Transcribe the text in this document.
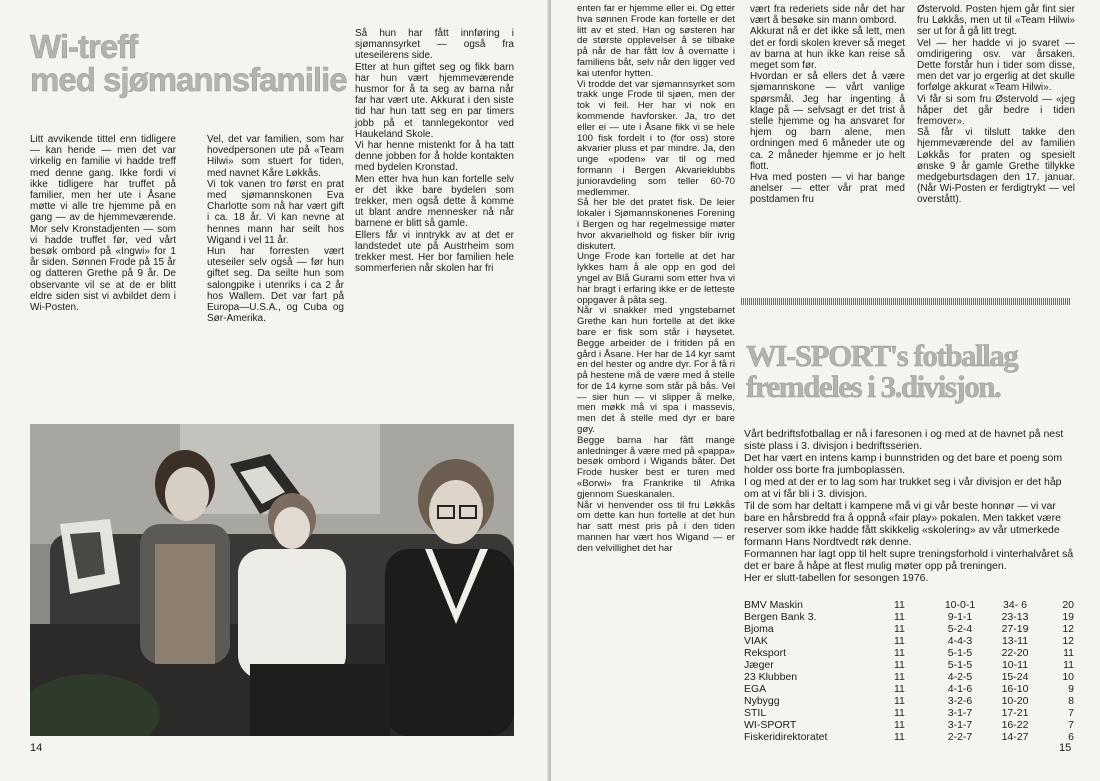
Wi-treff
med sjømannsfamilie

Litt avvikende tittel enn tidligere — kan hende — men det var virkelig en familie vi hadde treff med denne gang. Ikke fordi vi ikke tidligere har truffet på familier, men her ute i Åsane møtte vi alle tre hjemme på en gang — av de hjemmeværende. Mor selv Kronstadjenten — som vi hadde truffet før, ved vårt besøk ombord på «Ingwi» for 1 år siden. Sønnen Frode på 15 år og datteren Grethe på 9 år. De observante vil se at de er blitt eldre siden sist vi avbildet dem i Wi-Posten.

Vel, det var familien, som har hovedpersonen ute på «Team Hilwi» som stuert for tiden, med navnet Kåre Løkkås.
Vi tok vanen tro først en prat med sjømannskonen Eva Charlotte som nå har vært gift i ca. 18 år. Vi kan nevne at hennes mann har seilt hos Wigand i vel 11 år.
Hun har forresten vært uteseiler selv også — før hun giftet seg. Da seilte hun som salongpike i utenriks i ca 2 år hos Wallem. Det var fart på Europa—U.S.A., og Cuba og Sør-Amerika.

Så hun har fått innføring i sjømannsyrket — også fra uteseilerens side.
Etter at hun giftet seg og fikk barn har hun vært hjemmeværende husmor for å ta seg av barna når far har vært ute. Akkurat i den siste tid har hun tatt seg en par timers jobb på et tannlegekontor ved Haukeland Skole.
Vi har henne mistenkt for å ha tatt denne jobben for å holde kontakten med bydelen Kronstad.
Men etter hva hun kan fortelle selv er det ikke bare bydelen som trekker, men også dette å komme ut blant andre mennesker nå når barnene er blitt så gamle.
Ellers får vi inntrykk av at det er landstedet ute på Austrheim som trekker mest. Her bor familien hele sommerferien når skolen har fri

14

enten far er hjemme eller ei. Og etter hva sønnen Frode kan fortelle er det litt av et sted. Han og søsteren har de største opplevelser å se tilbake på når de har fått lov å overnatte i familiens båt, selv når den ligger ved kai utenfor hytten.
Vi trodde det var sjømannsyrket som trakk unge Frode til sjøen, men der tok vi feil. Her har vi nok en kommende havforsker. Ja, tro det eller ei — ute i Åsane fikk vi se hele 100 fisk fordelt i to (for oss) store akvarier pluss et par mindre. Ja, den unge «poden» var til og med formann i Bergen Akvarieklubbs junioravdeling som teller 60-70 medlemmer.
Så her ble det pratet fisk. De leier lokaler i Sjømannskonenes Forening i Bergen og har regelmessige møter hvor akvarielhold og fisker blir ivrig diskutert.
Unge Frode kan fortelle at det har lykkes ham å ale opp en god del yngel av Blå Gurami som etter hva vi har bragt i erfaring ikke er de letteste oppgaver å påta seg.
Når vi snakker med yngstebarnet Grethe kan hun fortelle at det ikke bare er fisk som står i høysetet. Begge arbeider de i fritiden på en gård i Åsane. Her har de 14 kyr samt en del hester og andre dyr. For å få ri på hestene må de være med å stelle for de 14 kyrne som står på bås. Vel — sier hun — vi slipper å melke, men møkk må vi spa i massevis, men det å stelle med dyr er bare gøy.
Begge barna har fått mange anledninger å være med på «pappa» besøk ombord i Wigands båter. Det Frode husker best er turen med «Borwi» fra Frankrike til Afrika gjennom Sueskanalen.
Når vi henvender oss til fru Løkkås om dette kan hun fortelle at det hun har satt mest pris på i den tiden mannen har vært hos Wigand — er den velvillighet det har

vært fra rederiets side når det har vært å besøke sin mann ombord.
Akkurat nå er det ikke så lett, men det er fordi skolen krever så meget av barna at hun ikke kan reise så meget som før.
Hvordan er så ellers det å være sjømannskone — vårt vanlige spørsmål. Jeg har ingenting å klage på — selvsagt er det trist å stelle hjemme og ha ansvaret for hjem og barn alene, men ordningen med 6 måneder ute og ca. 2 måneder hjemme er jo helt flott.
Hva med posten — vi har bange anelser — etter vår prat med postdamen fru

Østervold. Posten hjem går fint sier fru Løkkås, men ut til «Team Hilwi» ser ut for å gå litt tregt.
Vel — her hadde vi jo svaret — omdirigering osv. var årsaken. Dette forstår hun i tider som disse, men det var jo ergerlig at det skulle forfølge akkurat «Team Hilwi».
Vi får si som fru Østervold — «jeg håper det går bedre i tiden fremover».
Så får vi tilslutt takke den hjemmeværende del av familien Løkkås for praten og spesielt ønske 9 år gamle Grethe tillykke medgeburtsdagen den 17. januar. (Når Wi-Posten er ferdigtrykt — vel overstått).

WI-SPORT's fotballag
fremdeles i 3.divisjon.

Vårt bedriftsfotballag er nå i faresonen i og med at de havnet på nest siste plass i 3. divisjon i bedriftsserien.
Det har vært en intens kamp i bunnstriden og det bare et poeng som holder oss borte fra jumboplassen.
I og med at der er to lag som har trukket seg i vår divisjon er det håp om at vi får bli i 3. divisjon.
Til de som har deltatt i kampene må vi gi vår beste honnør — vi var bare en hårsbredd fra å oppnå «fair play» pokalen. Men takket være reserver som ikke hadde fått skikkelig «skolering» av vår utmerkede formann Hans Nordtvedt røk denne.
Formannen har lagt opp til helt supre treningsforhold i vinterhalvåret så det er bare å håpe at flest mulig møter opp på treningen.
Her er slutt-tabellen for sesongen 1976.

BMV Maskin	11	10-0-1	34- 6	20
Bergen Bank 3.	11	9-1-1	23-13	19
Bjoma	11	5-2-4	27-19	12
VIAK	11	4-4-3	13-11	12
Reksport	11	5-1-5	22-20	11
Jæger	11	5-1-5	10-11	11
23 Klubben	11	4-2-5	15-24	10
EGA	11	4-1-6	16-10	9
Nybygg	11	3-2-6	10-20	8
STIL	11	3-1-7	17-21	7
WI-SPORT	11	3-1-7	16-22	7
Fiskeridirektoratet	11	2-2-7	14-27	6

15
